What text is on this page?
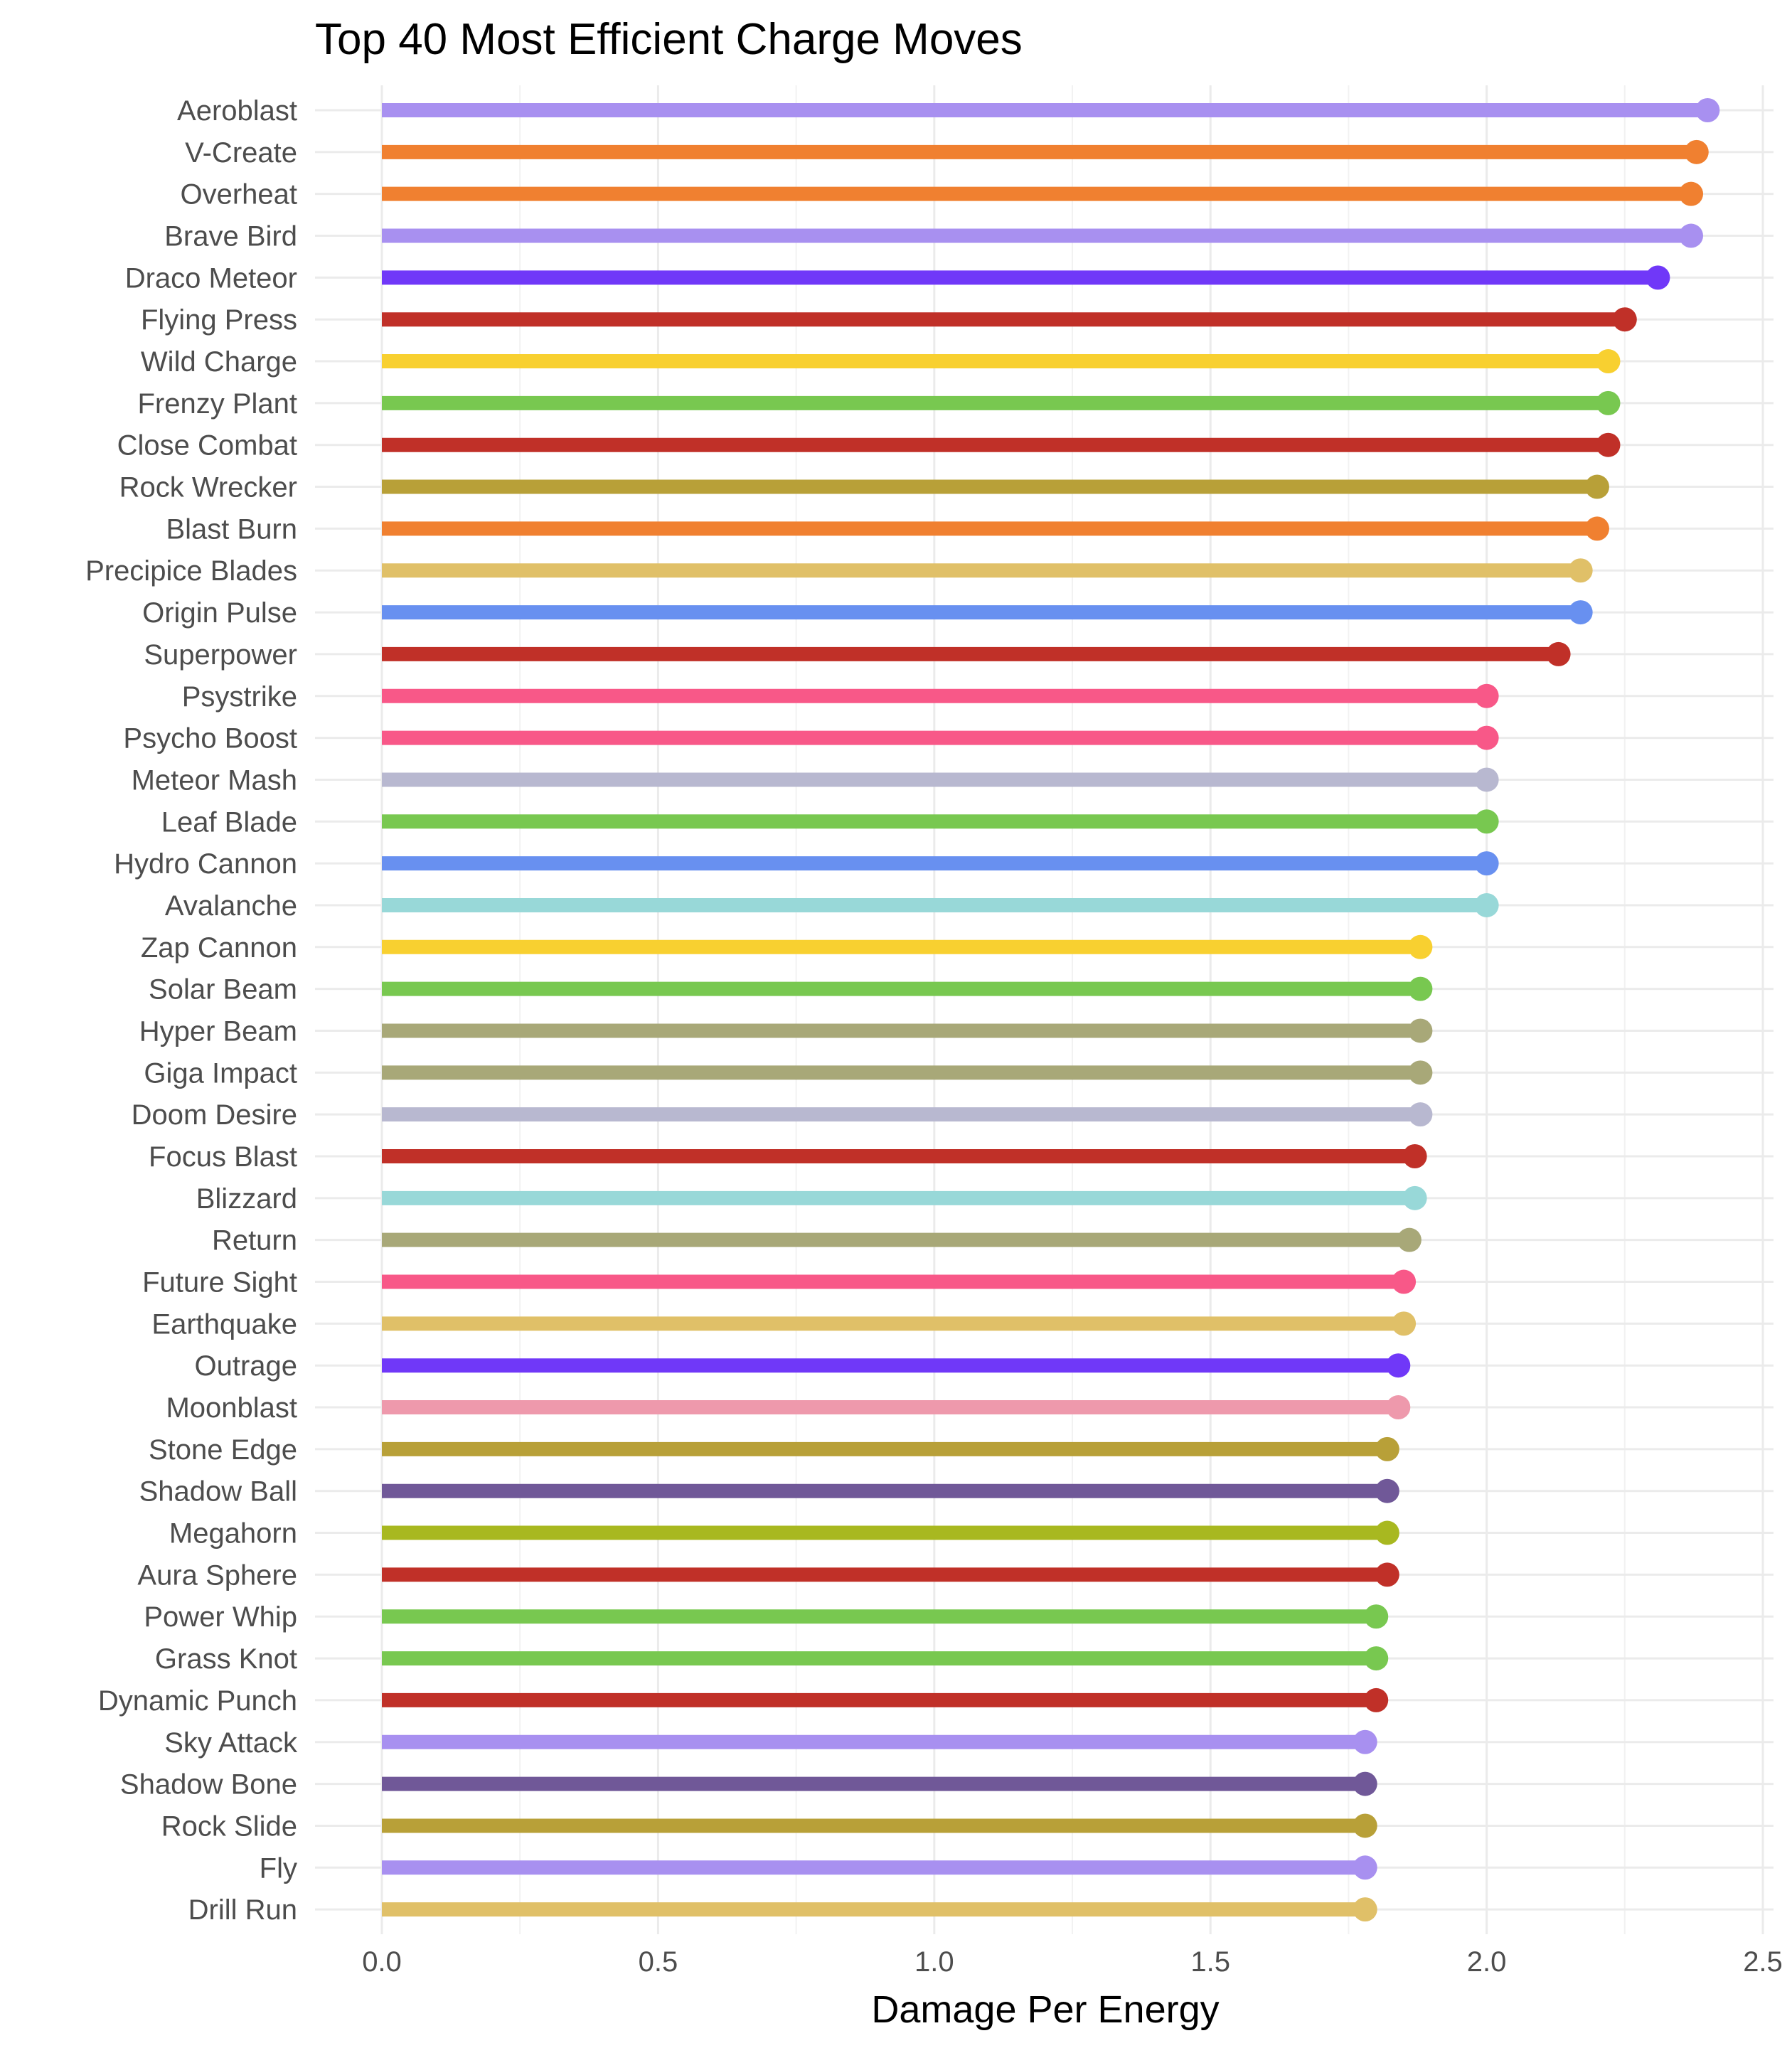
Top 40 Most Efficient Charge Moves
Aeroblast
V-Create
Overheat
Brave Bird
Draco Meteor
Flying Press
Wild Charge
Frenzy Plant
Close Combat
Rock Wrecker
Blast Burn
Precipice Blades
Origin Pulse
Superpower
Psystrike
Psycho Boost
Meteor Mash
Leaf Blade
Hydro Cannon
Avalanche
Zap Cannon
Solar Beam
Hyper Beam
Giga Impact
Doom Desire
Focus Blast
Blizzard
Return
Future Sight
Earthquake
Outrage
Moonblast
Stone Edge
Shadow Ball
Megahorn
Aura Sphere
Power Whip
Grass Knot
Dynamic Punch
Sky Attack
Shadow Bone
Rock Slide
Fly
Drill Run
0.0	0.5	1.0	1.5	2.0	2.5
Damage Per Energy
